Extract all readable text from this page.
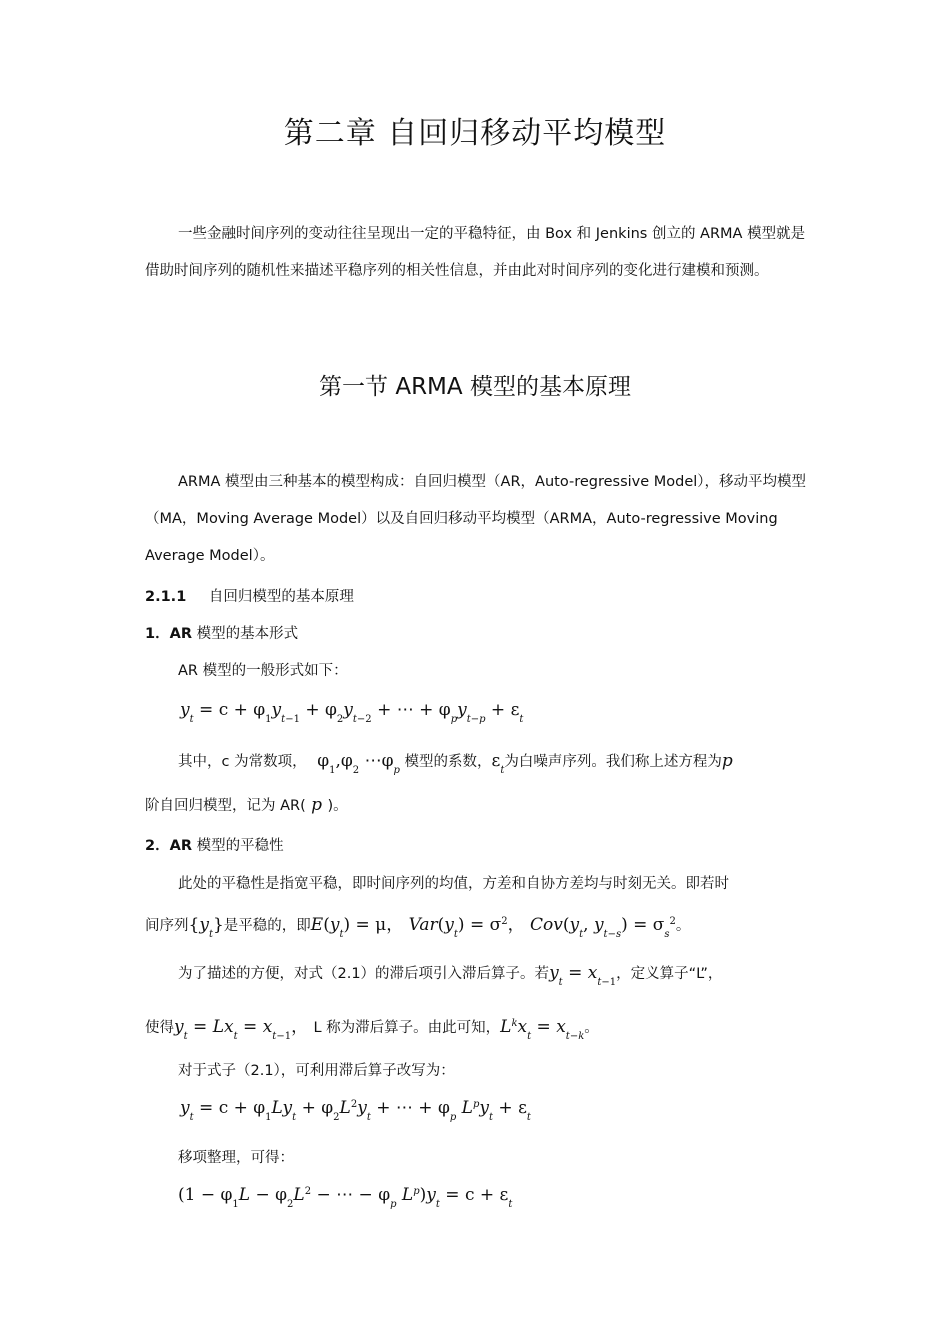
第二章 自回归移动平均模型
一些金融时间序列的变动往往呈现出一定的平稳特征，由 Box 和 Jenkins 创立的 ARMA 模型就是借助时间序列的随机性来描述平稳序列的相关性信息，并由此对时间序列的变化进行建模和预测。
第一节 ARMA 模型的基本原理
ARMA 模型由三种基本的模型构成：自回归模型（AR，Auto-regressive Model），移动平均模型（MA，Moving Average Model）以及自回归移动平均模型（ARMA，Auto-regressive Moving Average Model）。
2.1.1 自回归模型的基本原理
1．AR 模型的基本形式
AR 模型的一般形式如下：
$y_t = c + \varphi_1y_{t-1} + \varphi_2y_{t-2}$ + ⋯ + $\varphi_py_{t-p} + \varepsilon_t$
其中，c 为常数项， $\varphi_1,\varphi_2$ $\cdots\varphi_p$ 模型的系数，$\varepsilon_t$为白噪声序列。我们称上述方程为p
阶自回归模型，记为 AR( p )。
2．AR 模型的平稳性
此处的平稳性是指宽平稳，即时间序列的均值，方差和自协方差均与时刻无关。即若时
间序列$\{y_t\}$是平稳的，即$E(y_t) = \mu$， $Var(y_t) = \sigma^2$， $Cov(y_t$, $y_{t-s}) = \sigma_s^2$。
为了描述的方便，对式（2.1）的滞后项引入滞后算子。若$y_t = x_{t-1}$，定义算子“L”，
使得$y_t = Lx_t = x_{t-1}$， L 称为滞后算子。由此可知，$L^kx_t = x_{t-k}$。
对于式子（2.1），可利用滞后算子改写为：
$y_t = c + \varphi_1Ly_t + \varphi_2L^2y_t$ + ⋯ + $\varphi_p$ $L^py_t + \varepsilon_t$
移项整理，可得：
($1 - \varphi_1L - \varphi_2L^2$ − ⋯ − $\varphi_p$ $L^p)y_t = c + \varepsilon_t$
